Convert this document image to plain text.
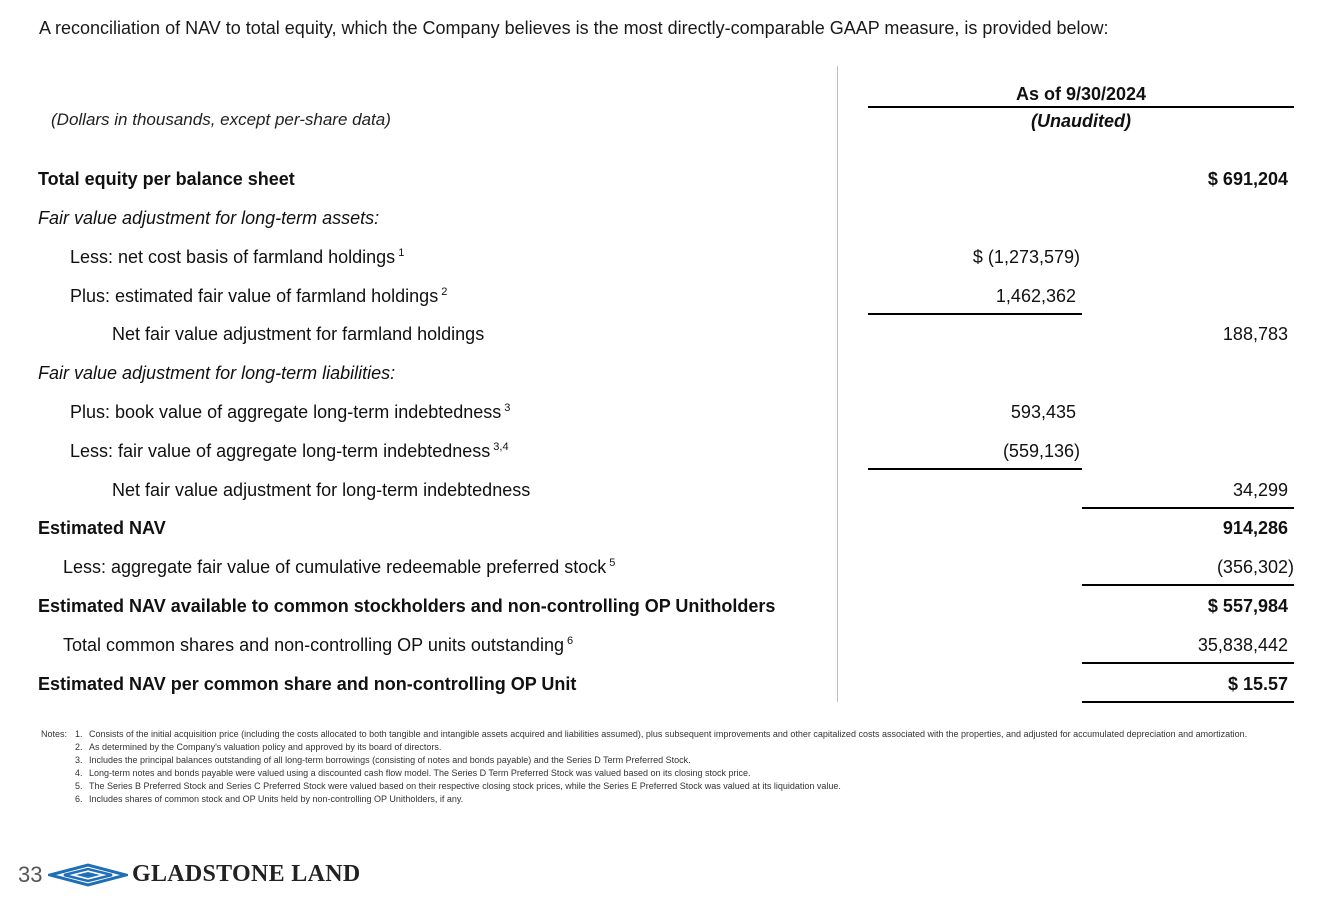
A reconciliation of NAV to total equity, which the Company believes is the most directly-comparable GAAP measure, is provided below:
(Dollars in thousands, except per-share data)
As of 9/30/2024
(Unaudited)
Total equity per balance sheet	$ 691,204
Fair value adjustment for long-term assets:
Less: net cost basis of farmland holdings $^1$	$ (1,273,579)
Plus: estimated fair value of farmland holdings $^2$	1,462,362
Net fair value adjustment for farmland holdings	188,783
Fair value adjustment for long-term liabilities:
Plus: book value of aggregate long-term indebtedness $^3$	593,435
Less: fair value of aggregate long-term indebtedness $^{3,4}$	(559,136)
Net fair value adjustment for long-term indebtedness	34,299
Estimated NAV	914,286
Less: aggregate fair value of cumulative redeemable preferred stock $^5$	(356,302)
Estimated NAV available to common stockholders and non-controlling OP Unitholders	$ 557,984
Total common shares and non-controlling OP units outstanding $^6$	35,838,442
Estimated NAV per common share and non-controlling OP Unit	$ 15.57
Notes: 1. Consists of the initial acquisition price (including the costs allocated to both tangible and intangible assets acquired and liabilities assumed), plus subsequent improvements and other capitalized costs associated with the properties, and adjusted for accumulated depreciation and amortization.
2. As determined by the Company's valuation policy and approved by its board of directors.
3. Includes the principal balances outstanding of all long-term borrowings (consisting of notes and bonds payable) and the Series D Term Preferred Stock.
4. Long-term notes and bonds payable were valued using a discounted cash flow model. The Series D Term Preferred Stock was valued based on its closing stock price.
5. The Series B Preferred Stock and Series C Preferred Stock were valued based on their respective closing stock prices, while the Series E Preferred Stock was valued at its liquidation value.
6. Includes shares of common stock and OP Units held by non-controlling OP Unitholders, if any.
33	GLADSTONE LAND
